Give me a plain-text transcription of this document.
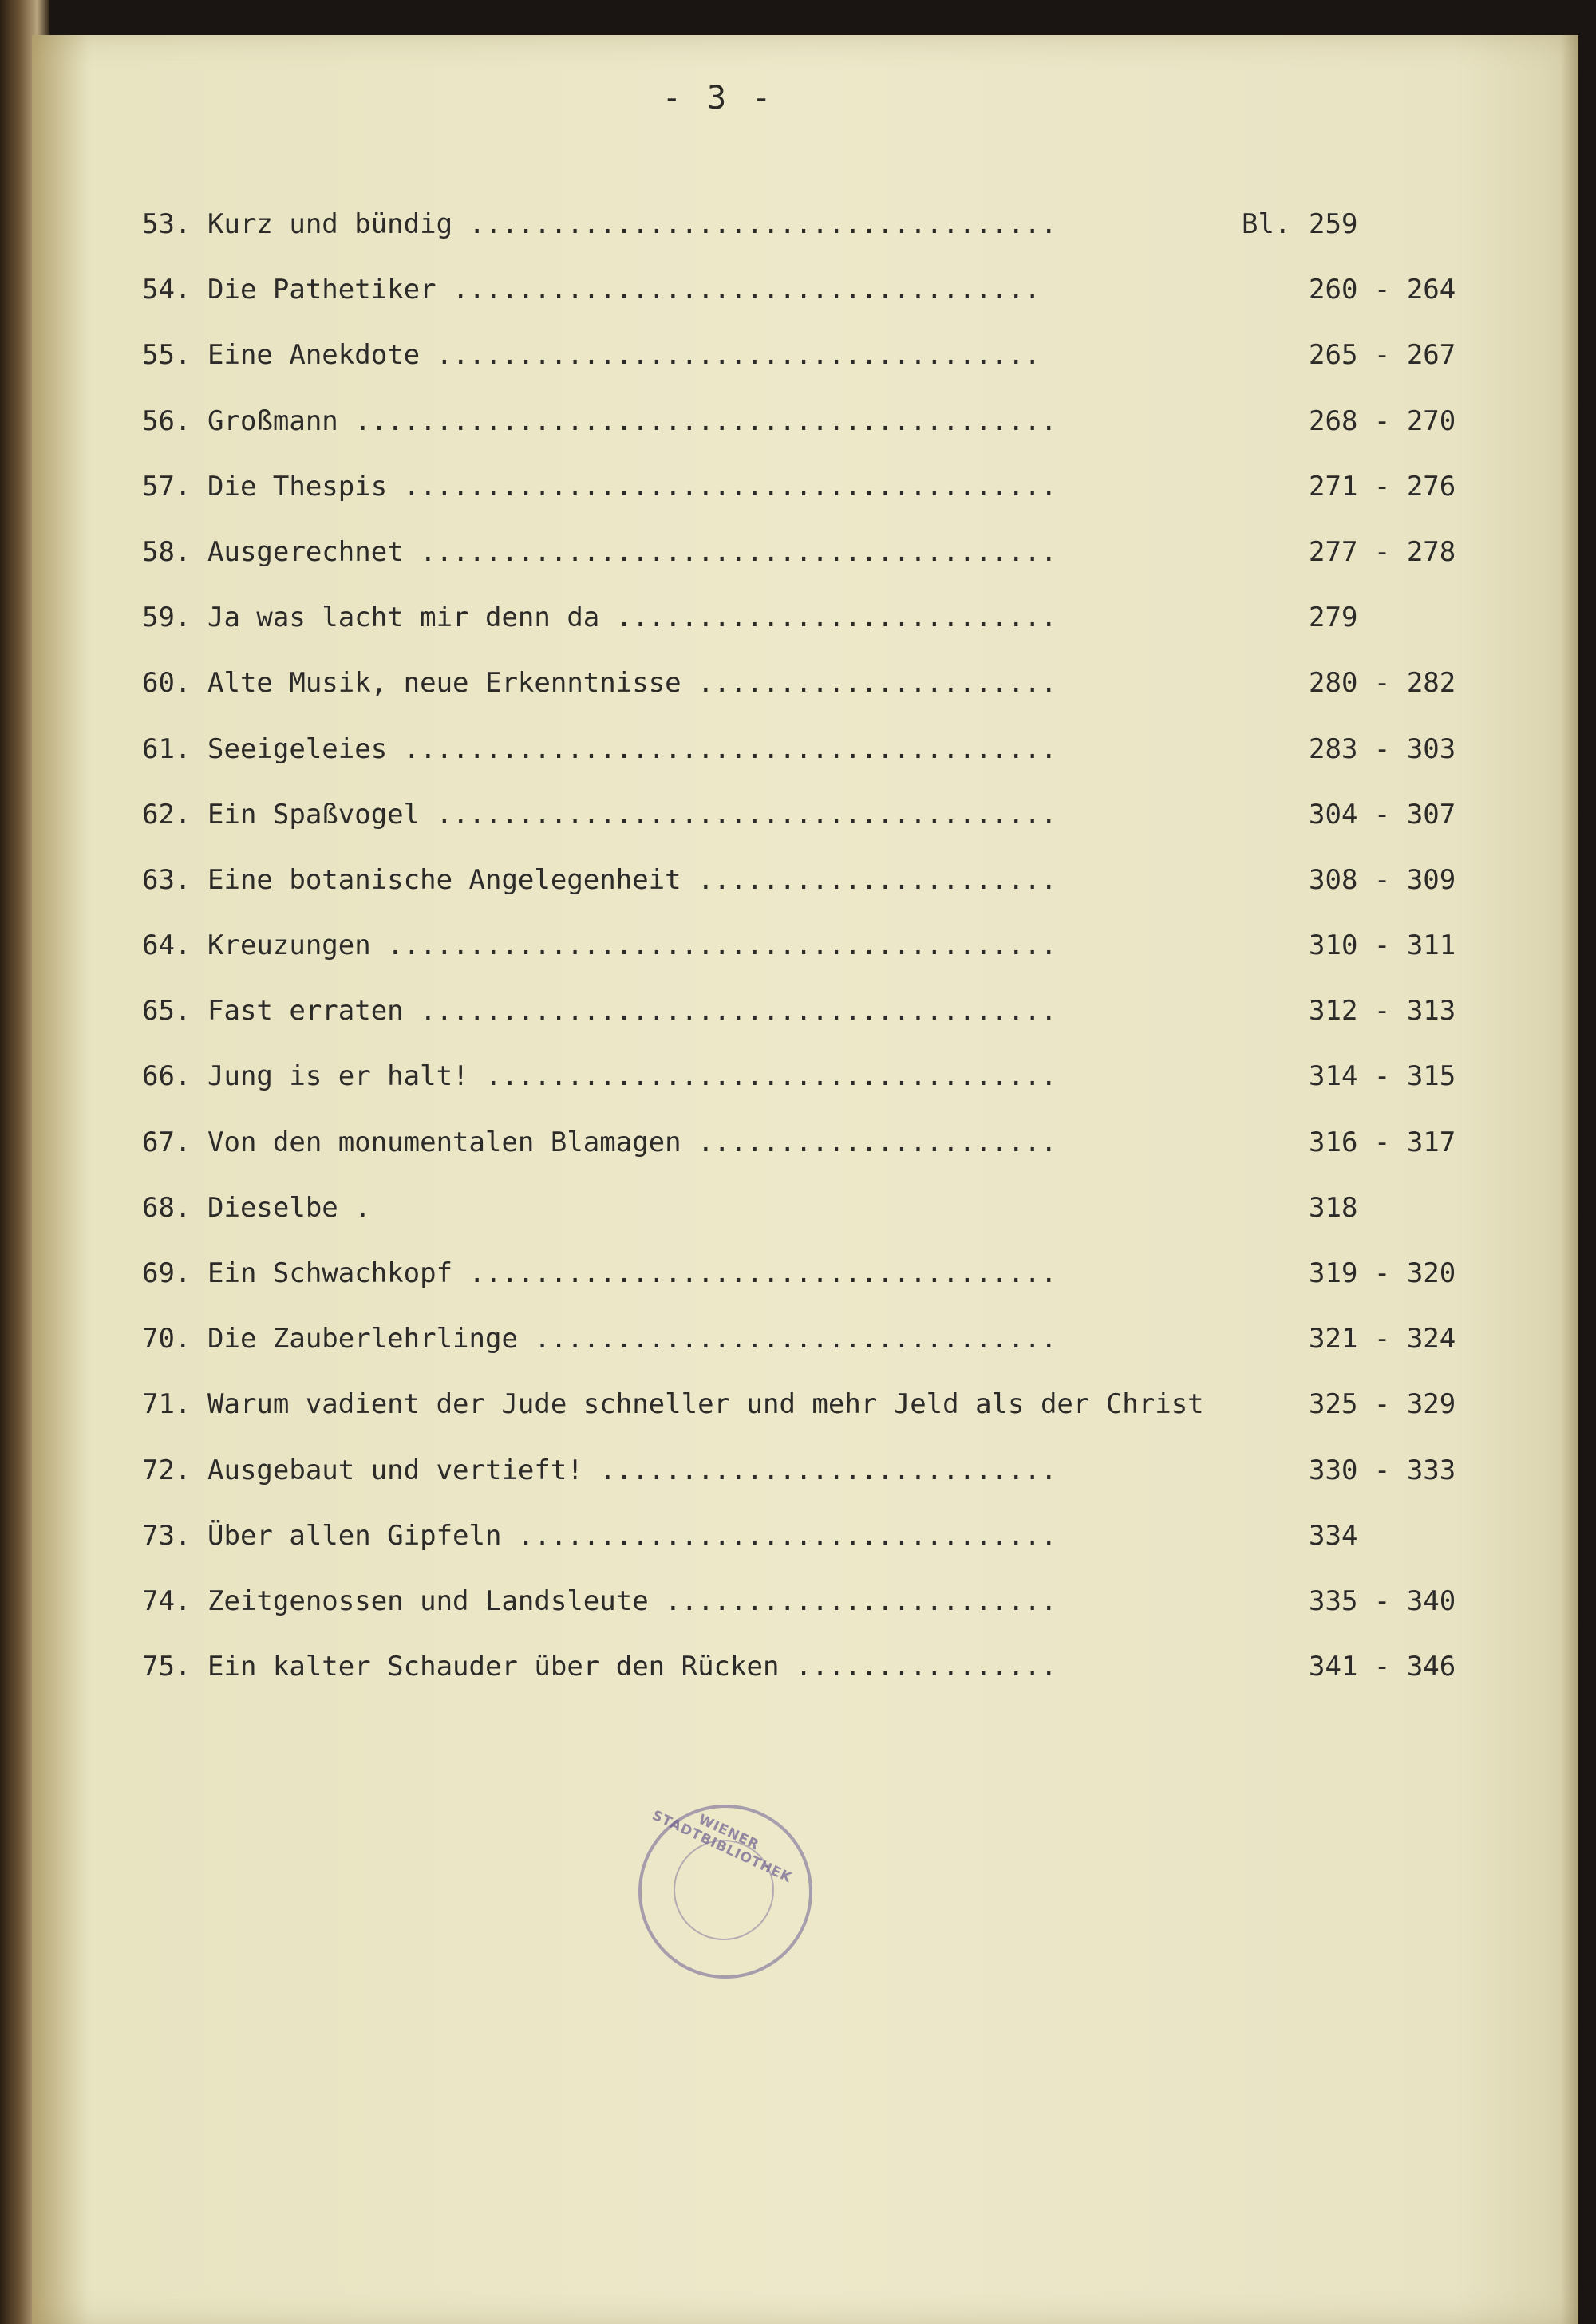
- 3 -
53. Kurz und bündig ....................................	Bl. 259
54. Die Pathetiker ....................................	260 - 264
55. Eine Anekdote .....................................	265 - 267
56. Großmann ...........................................	268 - 270
57. Die Thespis ........................................	271 - 276
58. Ausgerechnet .......................................	277 - 278
59. Ja was lacht mir denn da ...........................	279
60. Alte Musik, neue Erkenntnisse ......................	280 - 282
61. Seeigeleies ........................................	283 - 303
62. Ein Spaßvogel ......................................	304 - 307
63. Eine botanische Angelegenheit ......................	308 - 309
64. Kreuzungen .........................................	310 - 311
65. Fast erraten .......................................	312 - 313
66. Jung is er halt! ...................................	314 - 315
67. Von den monumentalen Blamagen ......................	316 - 317
68. Dieselbe .	318
69. Ein Schwachkopf ....................................	319 - 320
70. Die Zauberlehrlinge ................................	321 - 324
71. Warum vadient der Jude schneller und mehr Jeld als der Christ	325 - 329
72. Ausgebaut und vertieft! ............................	330 - 333
73. Über allen Gipfeln .................................	334
74. Zeitgenossen und Landsleute ........................	335 - 340
75. Ein kalter Schauder über den Rücken ................	341 - 346
WIENER STADTBIBLIOTHEK
